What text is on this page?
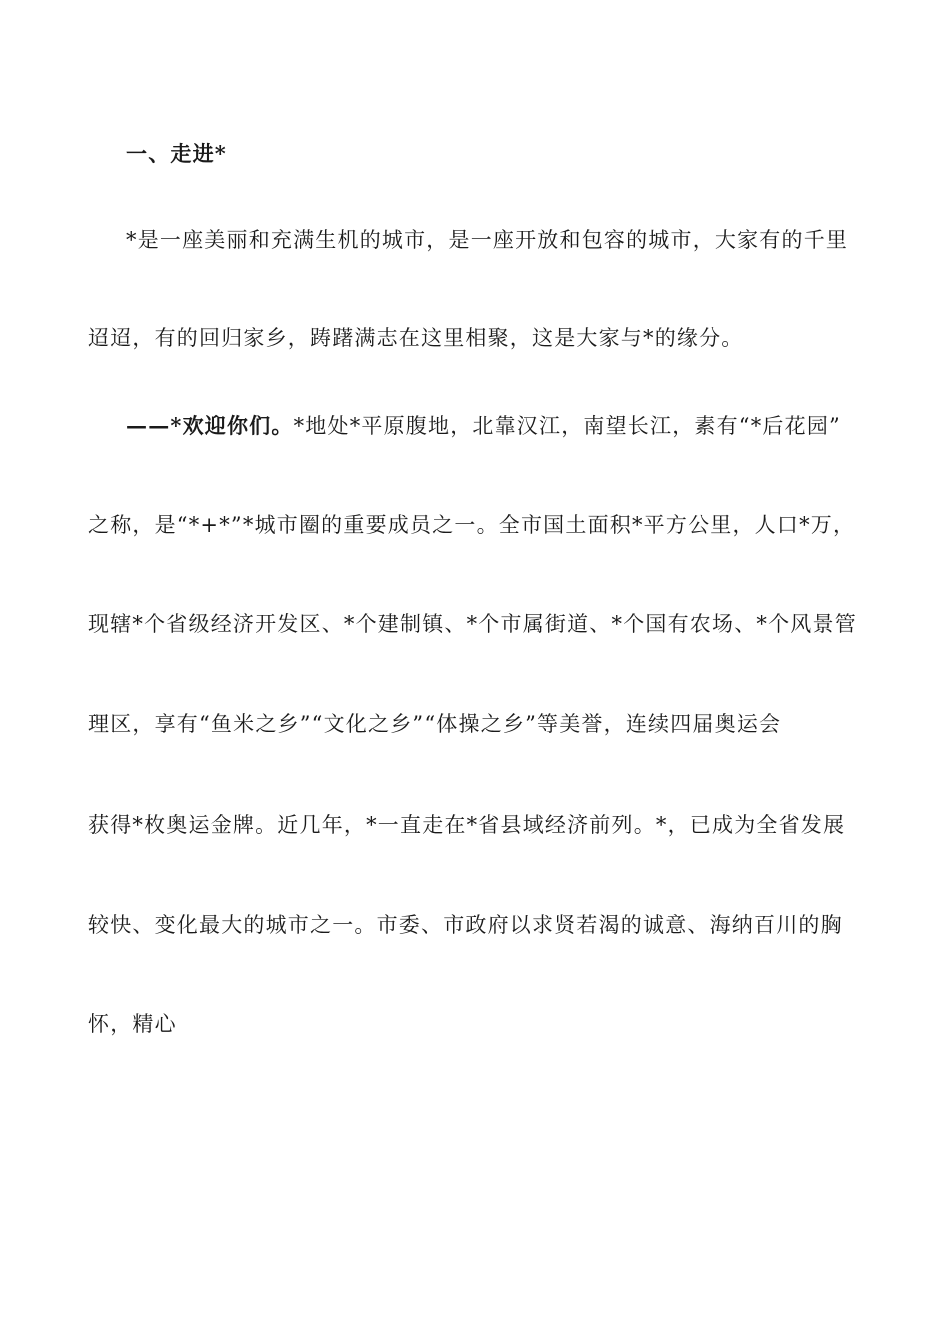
一、走进*
*是一座美丽和充满生机的城市，是一座开放和包容的城市，大家有的千里
迢迢，有的回归家乡，踌躇满志在这里相聚，这是大家与*的缘分。
——*欢迎你们。*地处*平原腹地，北靠汉江，南望长江，素有“*后花园”
之称，是“*+*”*城市圈的重要成员之一。全市国土面积*平方公里，人口*万，
现辖*个省级经济开发区、*个建制镇、*个市属街道、*个国有农场、*个风景管
理区，享有“鱼米之乡”“文化之乡”“体操之乡”等美誉，连续四届奥运会
获得*枚奥运金牌。近几年，*一直走在*省县域经济前列。*，已成为全省发展
较快、变化最大的城市之一。市委、市政府以求贤若渴的诚意、海纳百川的胸
怀，精心
